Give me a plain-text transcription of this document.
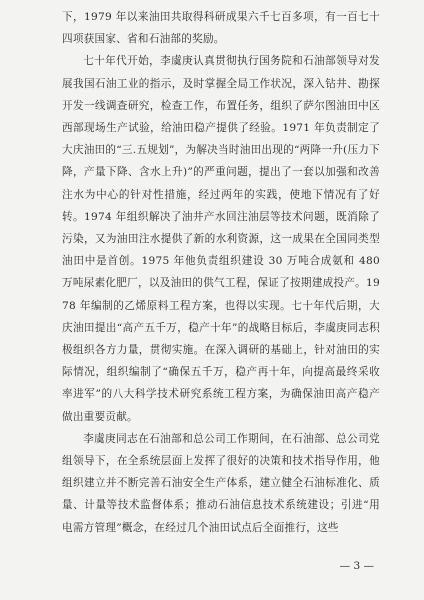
下，1979 年以来油田共取得科研成果六千七百多项，有一百七十四项获国家、省和石油部的奖励。

七十年代开始，李虞庚认真贯彻执行国务院和石油部领导对发展我国石油工业的指示，及时掌握全局工作状况，深入钻井、勘探开发一线调查研究，检查工作，布置任务，组织了萨尔图油田中区西部现场生产试验，给油田稳产提供了经验。1971 年负责制定了大庆油田的“三.五规划”，为解决当时油田出现的“两降一升(压力下降，产量下降、含水上升)”的严重问题，提出了一套以加强和改善注水为中心的针对性措施，经过两年的实践，使地下情况有了好转。1974 年组织解决了油井产水回注油层等技术问题，既消除了污染，又为油田注水提供了新的水利资源，这一成果在全国同类型油田中是首创。1975 年他负责组织建设 30 万吨合成氨和 480 万吨尿素化肥厂，以及油田的供气工程，保证了按期建成投产。1978 年编制的乙烯原料工程方案，也得以实现。七十年代后期，大庆油田提出“高产五千万，稳产十年”的战略目标后，李虞庚同志积极组织各方力量，贯彻实施。在深入调研的基础上，针对油田的实际情况，组织编制了“确保五千万，稳产再十年，向提高最终采收率进军”的八大科学技术研究系统工程方案，为确保油田高产稳产做出重要贡献。

李虞庚同志在石油部和总公司工作期间，在石油部、总公司党组领导下，在全系统层面上发挥了很好的决策和技术指导作用，他组织建立并不断完善石油安全生产体系，建立健全石油标准化、质量、计量等技术监督体系；推动石油信息技术系统建设；引进“用电需方管理”概念，在经过几个油田试点后全面推行，这些

— 3 —
